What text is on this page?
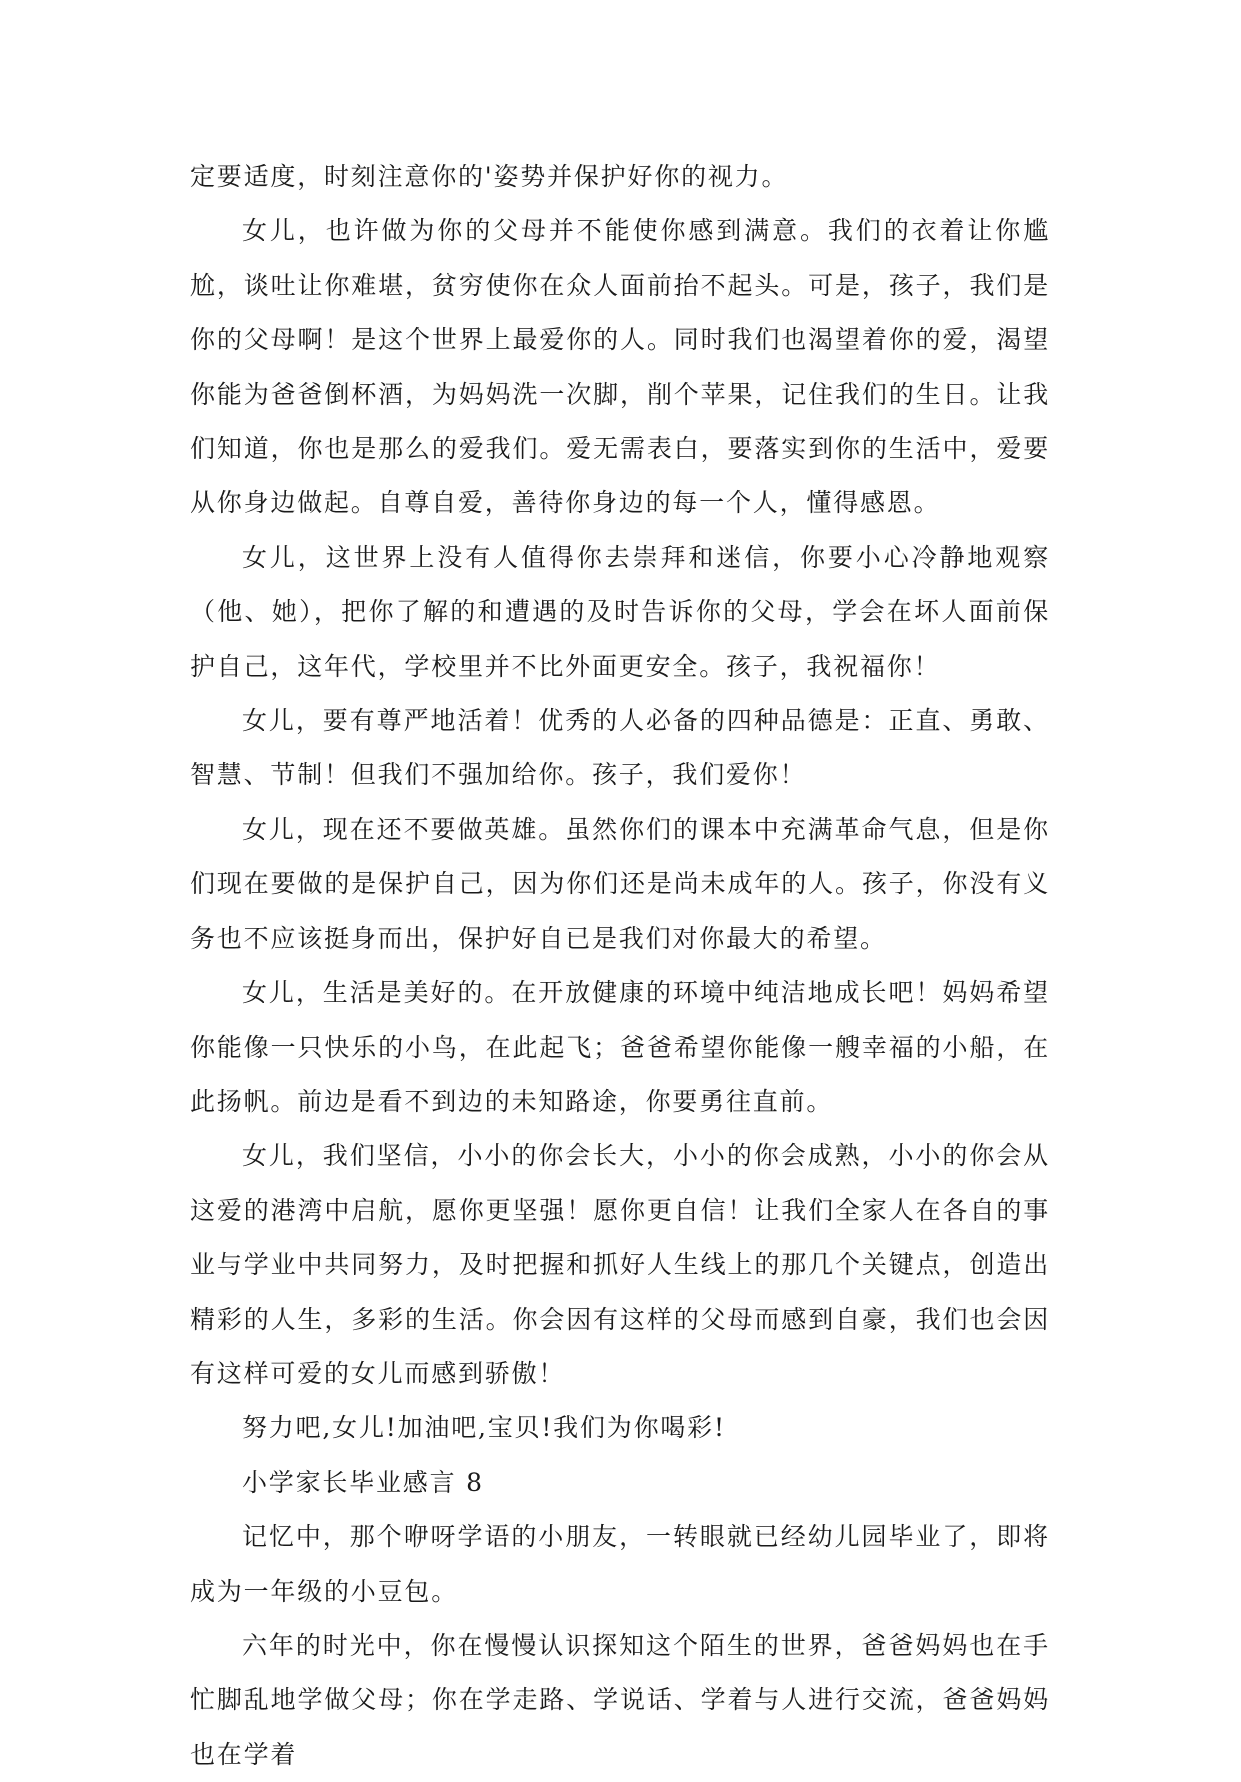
定要适度，时刻注意你的'姿势并保护好你的视力。

女儿，也许做为你的父母并不能使你感到满意。我们的衣着让你尴尬，谈吐让你难堪，贫穷使你在众人面前抬不起头。可是，孩子，我们是你的父母啊！是这个世界上最爱你的人。同时我们也渴望着你的爱，渴望你能为爸爸倒杯酒，为妈妈洗一次脚，削个苹果，记住我们的生日。让我们知道，你也是那么的爱我们。爱无需表白，要落实到你的生活中，爱要从你身边做起。自尊自爱，善待你身边的每一个人，懂得感恩。

女儿，这世界上没有人值得你去崇拜和迷信，你要小心冷静地观察（他、她），把你了解的和遭遇的及时告诉你的父母，学会在坏人面前保护自己，这年代，学校里并不比外面更安全。孩子，我祝福你！

女儿，要有尊严地活着！优秀的人必备的四种品德是：正直、勇敢、智慧、节制！但我们不强加给你。孩子，我们爱你！

女儿，现在还不要做英雄。虽然你们的课本中充满革命气息，但是你们现在要做的是保护自己，因为你们还是尚未成年的人。孩子，你没有义务也不应该挺身而出，保护好自已是我们对你最大的希望。

女儿，生活是美好的。在开放健康的环境中纯洁地成长吧！妈妈希望你能像一只快乐的小鸟，在此起飞；爸爸希望你能像一艘幸福的小船，在此扬帆。前边是看不到边的未知路途，你要勇往直前。

女儿，我们坚信，小小的你会长大，小小的你会成熟，小小的你会从这爱的港湾中启航，愿你更坚强！愿你更自信！让我们全家人在各自的事业与学业中共同努力，及时把握和抓好人生线上的那几个关键点，创造出精彩的人生，多彩的生活。你会因有这样的父母而感到自豪，我们也会因有这样可爱的女儿而感到骄傲！

努力吧,女儿!加油吧,宝贝!我们为你喝彩!

小学家长毕业感言 8

记忆中，那个咿呀学语的小朋友，一转眼就已经幼儿园毕业了，即将成为一年级的小豆包。

六年的时光中，你在慢慢认识探知这个陌生的世界，爸爸妈妈也在手忙脚乱地学做父母；你在学走路、学说话、学着与人进行交流，爸爸妈妈也在学着
